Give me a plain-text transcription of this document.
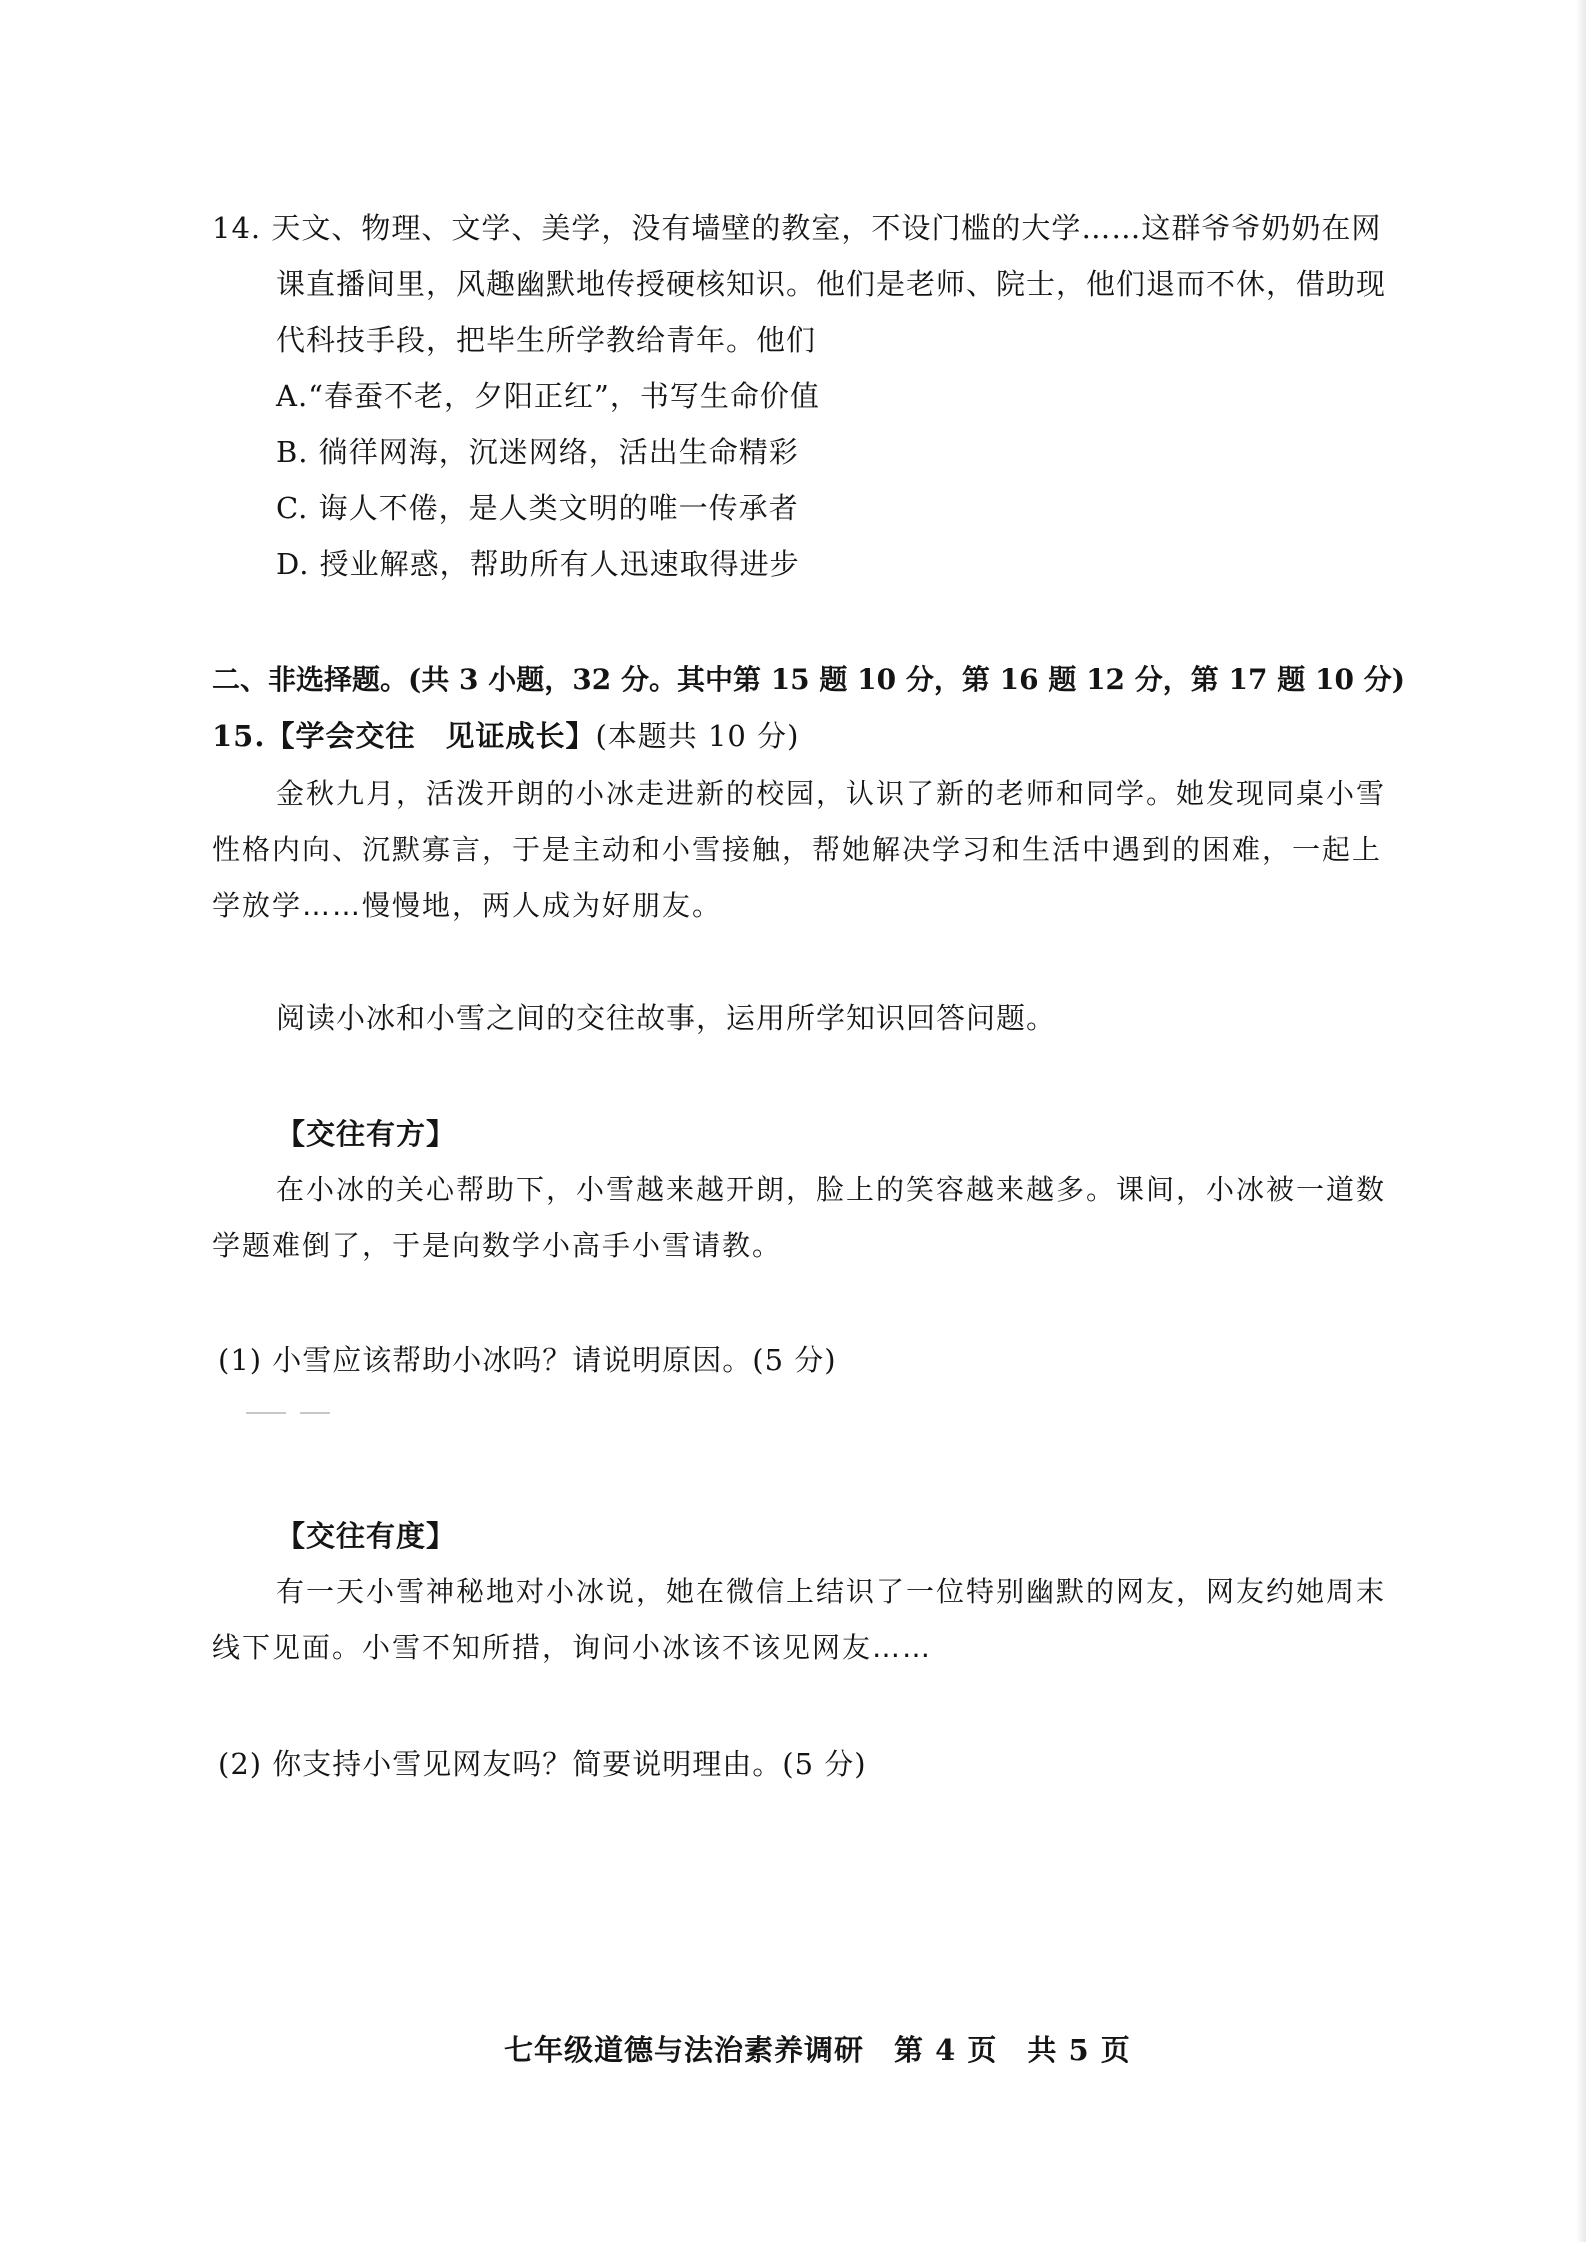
14. 天文、物理、文学、美学，没有墙壁的教室，不设门槛的大学……这群爷爷奶奶在网
课直播间里，风趣幽默地传授硬核知识。他们是老师、院士，他们退而不休，借助现
代科技手段，把毕生所学教给青年。他们
A.“春蚕不老，夕阳正红”，书写生命价值
B. 徜徉网海，沉迷网络，活出生命精彩
C. 诲人不倦，是人类文明的唯一传承者
D. 授业解惑，帮助所有人迅速取得进步
二、非选择题。(共 3 小题，32 分。其中第 15 题 10 分，第 16 题 12 分，第 17 题 10 分)
15.【学会交往　见证成长】(本题共 10 分)
金秋九月，活泼开朗的小冰走进新的校园，认识了新的老师和同学。她发现同桌小雪
性格内向、沉默寡言，于是主动和小雪接触，帮她解决学习和生活中遇到的困难，一起上
学放学……慢慢地，两人成为好朋友。
阅读小冰和小雪之间的交往故事，运用所学知识回答问题。
【交往有方】
在小冰的关心帮助下，小雪越来越开朗，脸上的笑容越来越多。课间，小冰被一道数
学题难倒了，于是向数学小高手小雪请教。
(1) 小雪应该帮助小冰吗？请说明原因。(5 分)
【交往有度】
有一天小雪神秘地对小冰说，她在微信上结识了一位特别幽默的网友，网友约她周末
线下见面。小雪不知所措，询问小冰该不该见网友……
(2) 你支持小雪见网友吗？简要说明理由。(5 分)
七年级道德与法治素养调研　第 4 页　共 5 页
